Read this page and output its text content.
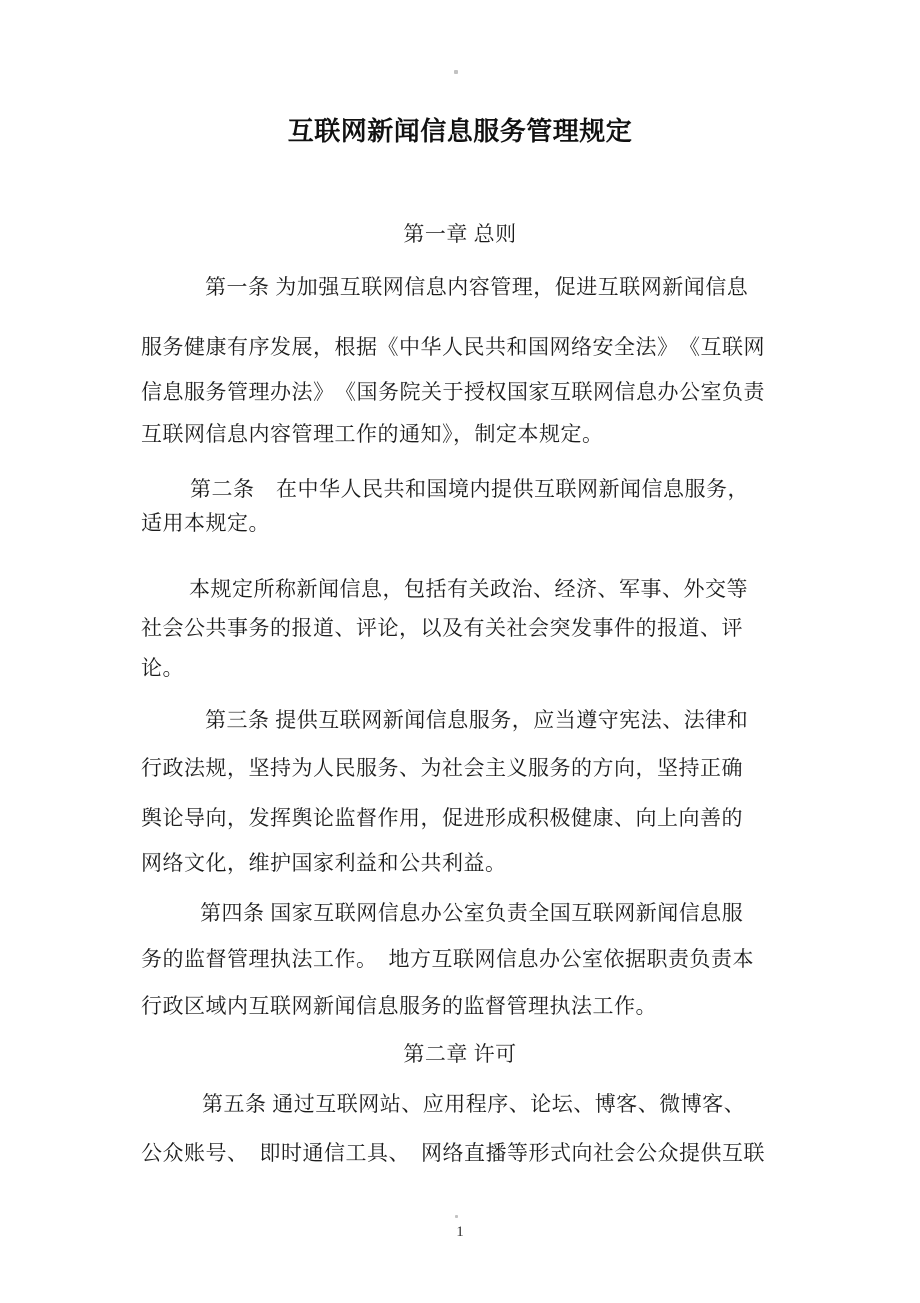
互联网新闻信息服务管理规定
第一章 总则
第一条 为加强互联网信息内容管理，促进互联网新闻信息
服务健康有序发展，根据《中华人民共和国网络安全法》　《互联网
信息服务管理办法》　《国务院关于授权国家互联网信息办公室负责
互联网信息内容管理工作的通知》，制定本规定。
第二条　在中华人民共和国境内提供互联网新闻信息服务，
适用本规定。
本规定所称新闻信息，包括有关政治、经济、军事、外交等
社会公共事务的报道、评论，以及有关社会突发事件的报道、评
论。
第三条 提供互联网新闻信息服务，应当遵守宪法、法律和
行政法规，坚持为人民服务、为社会主义服务的方向，坚持正确
舆论导向，发挥舆论监督作用，促进形成积极健康、向上向善的
网络文化，维护国家利益和公共利益。
第四条 国家互联网信息办公室负责全国互联网新闻信息服
务的监督管理执法工作。　地方互联网信息办公室依据职责负责本
行政区域内互联网新闻信息服务的监督管理执法工作。
第二章 许可
第五条 通过互联网站、应用程序、论坛、博客、微博客、
公众账号、　即时通信工具、　网络直播等形式向社会公众提供互联
1
